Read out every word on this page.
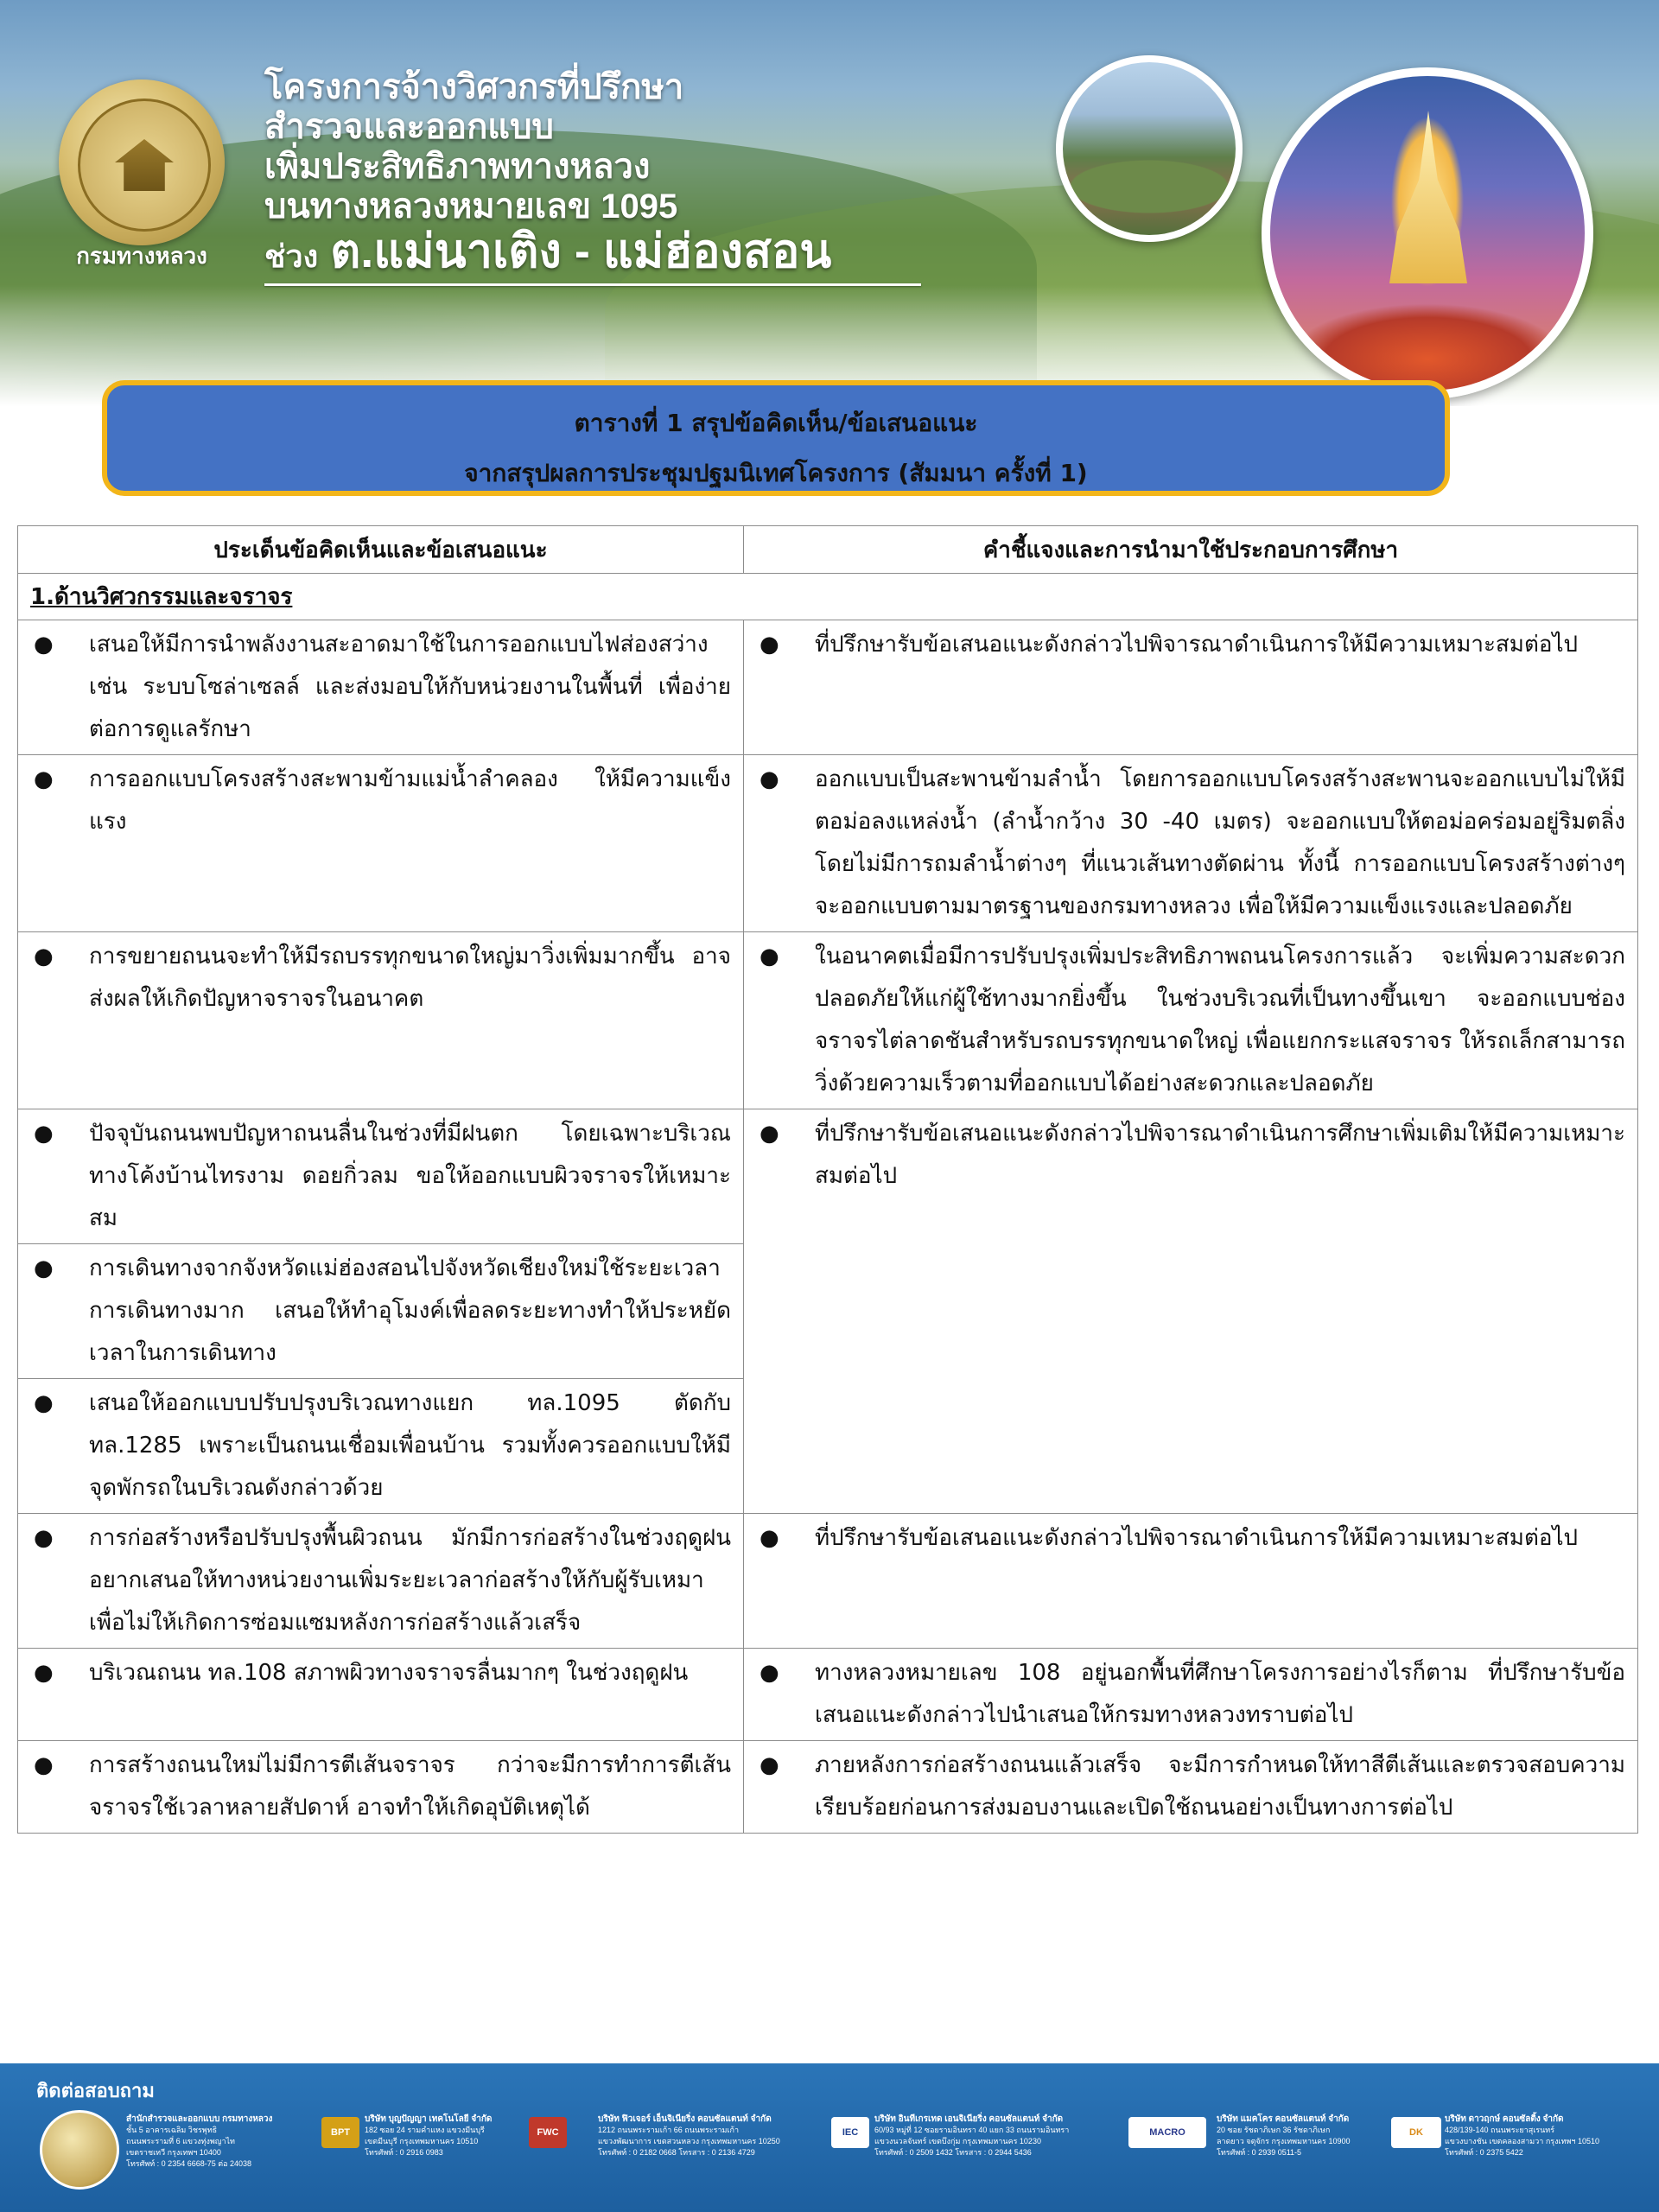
กรมทางหลวง
โครงการจ้างวิศวกรที่ปรึกษา
สำรวจและออกแบบ
เพิ่มประสิทธิภาพทางหลวง
บนทางหลวงหมายเลข 1095
ช่วง ต.แม่นาเติง - แม่ฮ่องสอน
ตารางที่ 1 สรุปข้อคิดเห็น/ข้อเสนอแนะ
จากสรุปผลการประชุมปฐมนิเทศโครงการ (สัมมนา ครั้งที่ 1)
ประเด็นข้อคิดเห็นและข้อเสนอแนะ	คำชี้แจงและการนำมาใช้ประกอบการศึกษา
1.ด้านวิศวกรรมและจราจร	

● เสนอให้มีการนำพลังงานสะอาดมาใช้ในการออกแบบไฟส่องสว่าง เช่น ระบบโซล่าเซลล์ และส่งมอบให้กับหน่วยงานในพื้นที่ เพื่อง่ายต่อการดูแลรักษา	● ที่ปรึกษารับข้อเสนอแนะดังกล่าวไปพิจารณาดำเนินการให้มีความเหมาะสมต่อไป

● การออกแบบโครงสร้างสะพามข้ามแม่น้ำลำคลอง ให้มีความแข็งแรง	● ออกแบบเป็นสะพานข้ามลำน้ำ โดยการออกแบบโครงสร้างสะพานจะออกแบบไม่ให้มีตอม่อลงแหล่งน้ำ (ลำน้ำกว้าง 30 -40 เมตร) จะออกแบบให้ตอม่อคร่อมอยู่ริมตลิ่ง โดยไม่มีการถมลำน้ำต่างๆ ที่แนวเส้นทางตัดผ่าน ทั้งนี้ การออกแบบโครงสร้างต่างๆ จะออกแบบตามมาตรฐานของกรมทางหลวง เพื่อให้มีความแข็งแรงและปลอดภัย

● การขยายถนนจะทำให้มีรถบรรทุกขนาดใหญ่มาวิ่งเพิ่มมากขึ้น อาจส่งผลให้เกิดปัญหาจราจรในอนาคต	● ในอนาคตเมื่อมีการปรับปรุงเพิ่มประสิทธิภาพถนนโครงการแล้ว จะเพิ่มความสะดวกปลอดภัยให้แก่ผู้ใช้ทางมากยิ่งขึ้น ในช่วงบริเวณที่เป็นทางขึ้นเขา จะออกแบบช่องจราจรไต่ลาดชันสำหรับรถบรรทุกขนาดใหญ่ เพื่อแยกกระแสจราจร ให้รถเล็กสามารถวิ่งด้วยความเร็วตามที่ออกแบบได้อย่างสะดวกและปลอดภัย

● ปัจจุบันถนนพบปัญหาถนนลื่นในช่วงที่มีฝนตก โดยเฉพาะบริเวณทางโค้งบ้านไทรงาม ดอยกิ่วลม ขอให้ออกแบบผิวจราจรให้เหมาะสม	● ที่ปรึกษารับข้อเสนอแนะดังกล่าวไปพิจารณาดำเนินการศึกษาเพิ่มเติมให้มีความเหมาะสมต่อไป

● การเดินทางจากจังหวัดแม่ฮ่องสอนไปจังหวัดเชียงใหม่ใช้ระยะเวลาการเดินทางมาก เสนอให้ทำอุโมงค์เพื่อลดระยะทางทำให้ประหยัดเวลาในการเดินทาง	

● เสนอให้ออกแบบปรับปรุงบริเวณทางแยก ทล.1095 ตัดกับ ทล.1285 เพราะเป็นถนนเชื่อมเพื่อนบ้าน รวมทั้งควรออกแบบให้มีจุดพักรถในบริเวณดังกล่าวด้วย	

● การก่อสร้างหรือปรับปรุงพื้นผิวถนน มักมีการก่อสร้างในช่วงฤดูฝน อยากเสนอให้ทางหน่วยงานเพิ่มระยะเวลาก่อสร้างให้กับผู้รับเหมา เพื่อไม่ให้เกิดการซ่อมแซมหลังการก่อสร้างแล้วเสร็จ	● ที่ปรึกษารับข้อเสนอแนะดังกล่าวไปพิจารณาดำเนินการให้มีความเหมาะสมต่อไป

● บริเวณถนน ทล.108 สภาพผิวทางจราจรลื่นมากๆ ในช่วงฤดูฝน	● ทางหลวงหมายเลข 108 อยู่นอกพื้นที่ศึกษาโครงการอย่างไรก็ตาม ที่ปรึกษารับข้อเสนอแนะดังกล่าวไปนำเสนอให้กรมทางหลวงทราบต่อไป

● การสร้างถนนใหม่ไม่มีการตีเส้นจราจร กว่าจะมีการทำการตีเส้นจราจรใช้เวลาหลายสัปดาห์ อาจทำให้เกิดอุบัติเหตุได้	● ภายหลังการก่อสร้างถนนแล้วเสร็จ จะมีการกำหนดให้ทาสีตีเส้นและตรวจสอบความเรียบร้อยก่อนการส่งมอบงานและเปิดใช้ถนนอย่างเป็นทางการต่อไป
ติดต่อสอบถาม
สำนักสำรวจและออกแบบ กรมทางหลวง
ชั้น 5 อาคารเฉลิม วิชรพุทธิ
ถนนพระรามที่ 6 แขวงทุ่งพญาไท
เขตราชเทวี กรุงเทพฯ 10400
โทรศัพท์ : 0 2354 6668-75 ต่อ 24038
BPT
บริษัท บุญปัญญา เทคโนโลยี จำกัด
182 ซอย 24 รามคำแหง แขวงมีนบุรี
เขตมีนบุรี กรุงเทพมหานคร 10510
โทรศัพท์ : 0 2916 0983
FWC
บริษัท ฟิวเจอร์ เอ็นจิเนียริ่ง คอนซัลแตนท์ จำกัด
1212 ถนนพระรามเก้า 66 ถนนพระรามเก้า
แขวงพัฒนาการ เขตสวนหลวง กรุงเทพมหานคร 10250
โทรศัพท์ : 0 2182 0668 โทรสาร : 0 2136 4729
IEC
บริษัท อินทีเกรเทด เอนจิเนียริ่ง คอนซัลแตนท์ จำกัด
60/93 หมู่ที่ 12 ซอยรามอินทรา 40 แยก 33 ถนนรามอินทรา
แขวงนวลจันทร์ เขตบึงกุ่ม กรุงเทพมหานคร 10230
โทรศัพท์ : 0 2509 1432 โทรสาร : 0 2944 5436
MACRO
บริษัท แมคโคร คอนซัลแตนท์ จำกัด
20 ซอย รัชดาภิเษก 36 รัชดาภิเษก
ลาดยาว จตุจักร กรุงเทพมหานคร 10900
โทรศัพท์ : 0 2939 0511-5
DK
บริษัท ดาวฤกษ์ คอนซัลติ้ง จำกัด
428/139-140 ถนนพระยาสุเรนทร์
แขวงบางชัน เขตคลองสามวา กรุงเทพฯ 10510
โทรศัพท์ : 0 2375 5422
